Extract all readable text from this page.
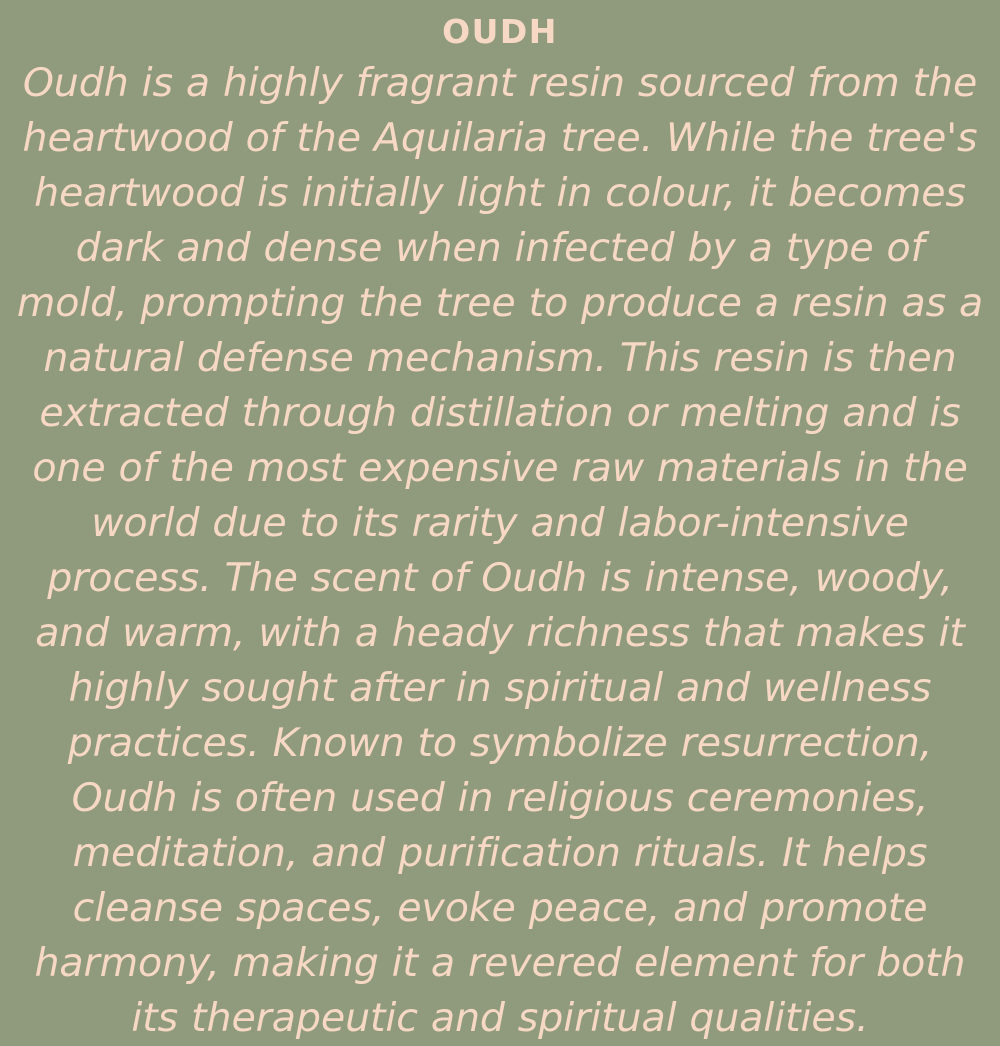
OUDH
Oudh is a highly fragrant resin sourced from the heartwood of the Aquilaria tree. While the tree's heartwood is initially light in colour, it becomes dark and dense when infected by a type of mold, prompting the tree to produce a resin as a natural defense mechanism. This resin is then extracted through distillation or melting and is one of the most expensive raw materials in the world due to its rarity and labor-intensive process. The scent of Oudh is intense, woody, and warm, with a heady richness that makes it highly sought after in spiritual and wellness practices. Known to symbolize resurrection, Oudh is often used in religious ceremonies, meditation, and purification rituals. It helps cleanse spaces, evoke peace, and promote harmony, making it a revered element for both its therapeutic and spiritual qualities.
